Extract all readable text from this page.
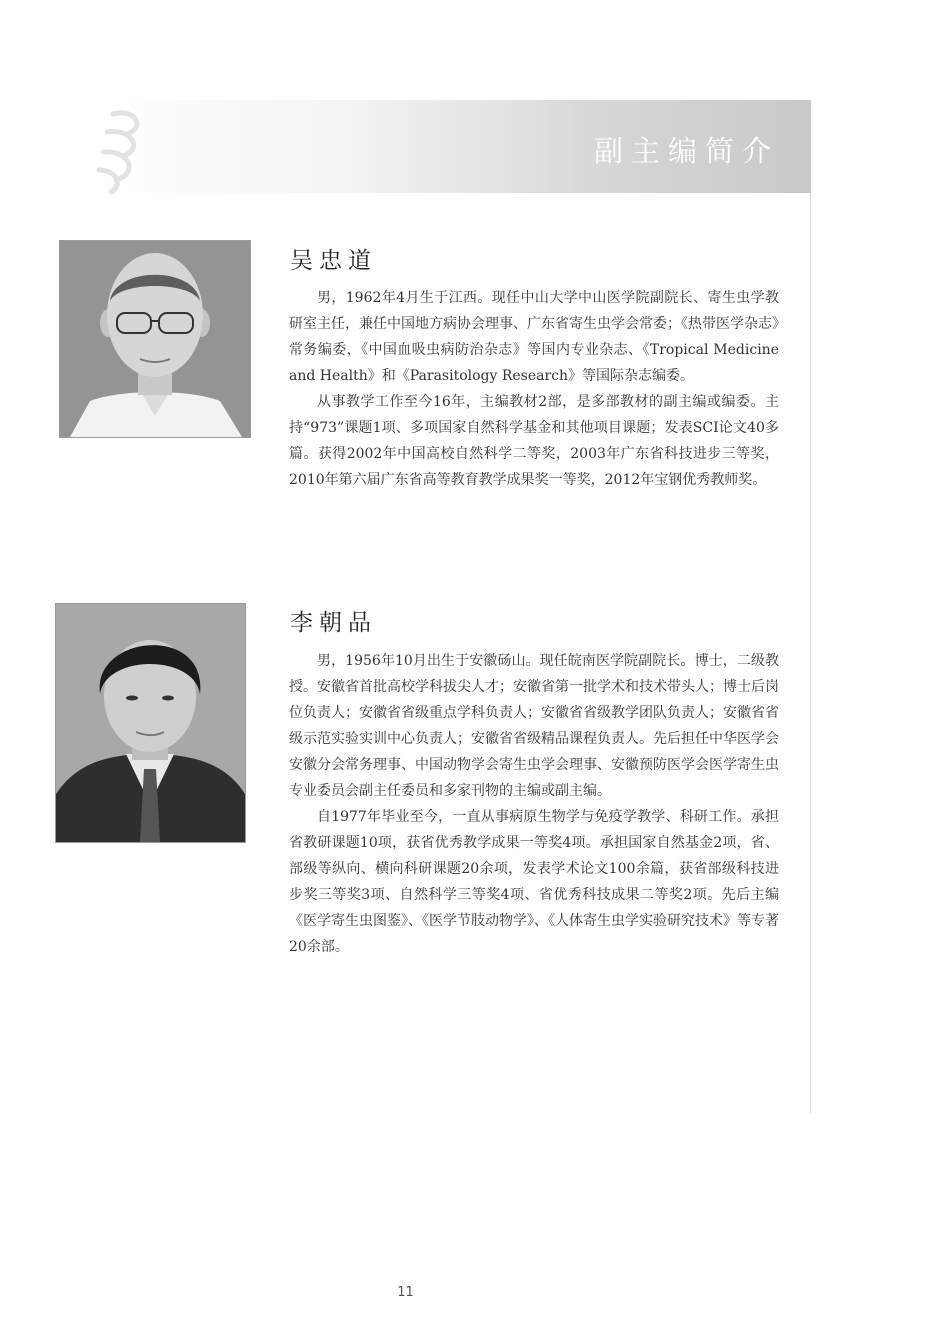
副主编简介
吴忠道

男，1962年4月生于江西。现任中山大学中山医学院副院长、寄生虫学教研室主任，兼任中国地方病协会理事、广东省寄生虫学会常委；《热带医学杂志》常务编委，《中国血吸虫病防治杂志》等国内专业杂志、《Tropical Medicine and Health》和《Parasitology Research》等国际杂志编委。

从事教学工作至今16年，主编教材2部，是多部教材的副主编或编委。主持“973”课题1项、多项国家自然科学基金和其他项目课题；发表SCI论文40多篇。获得2002年中国高校自然科学二等奖，2003年广东省科技进步三等奖，2010年第六届广东省高等教育教学成果奖一等奖，2012年宝钢优秀教师奖。

李朝品

男，1956年10月出生于安徽砀山。现任皖南医学院副院长。博士，二级教授。安徽省首批高校学科拔尖人才；安徽省第一批学术和技术带头人；博士后岗位负责人；安徽省省级重点学科负责人；安徽省省级教学团队负责人；安徽省省级示范实验实训中心负责人；安徽省省级精品课程负责人。先后担任中华医学会安徽分会常务理事、中国动物学会寄生虫学会理事、安徽预防医学会医学寄生虫专业委员会副主任委员和多家刊物的主编或副主编。

自1977年毕业至今，一直从事病原生物学与免疫学教学、科研工作。承担省教研课题10项，获省优秀教学成果一等奖4项。承担国家自然基金2项，省、部级等纵向、横向科研课题20余项，发表学术论文100余篇，获省部级科技进步奖三等奖3项、自然科学三等奖4项、省优秀科技成果二等奖2项。先后主编《医学寄生虫图鉴》、《医学节肢动物学》、《人体寄生虫学实验研究技术》等专著20余部。

11
